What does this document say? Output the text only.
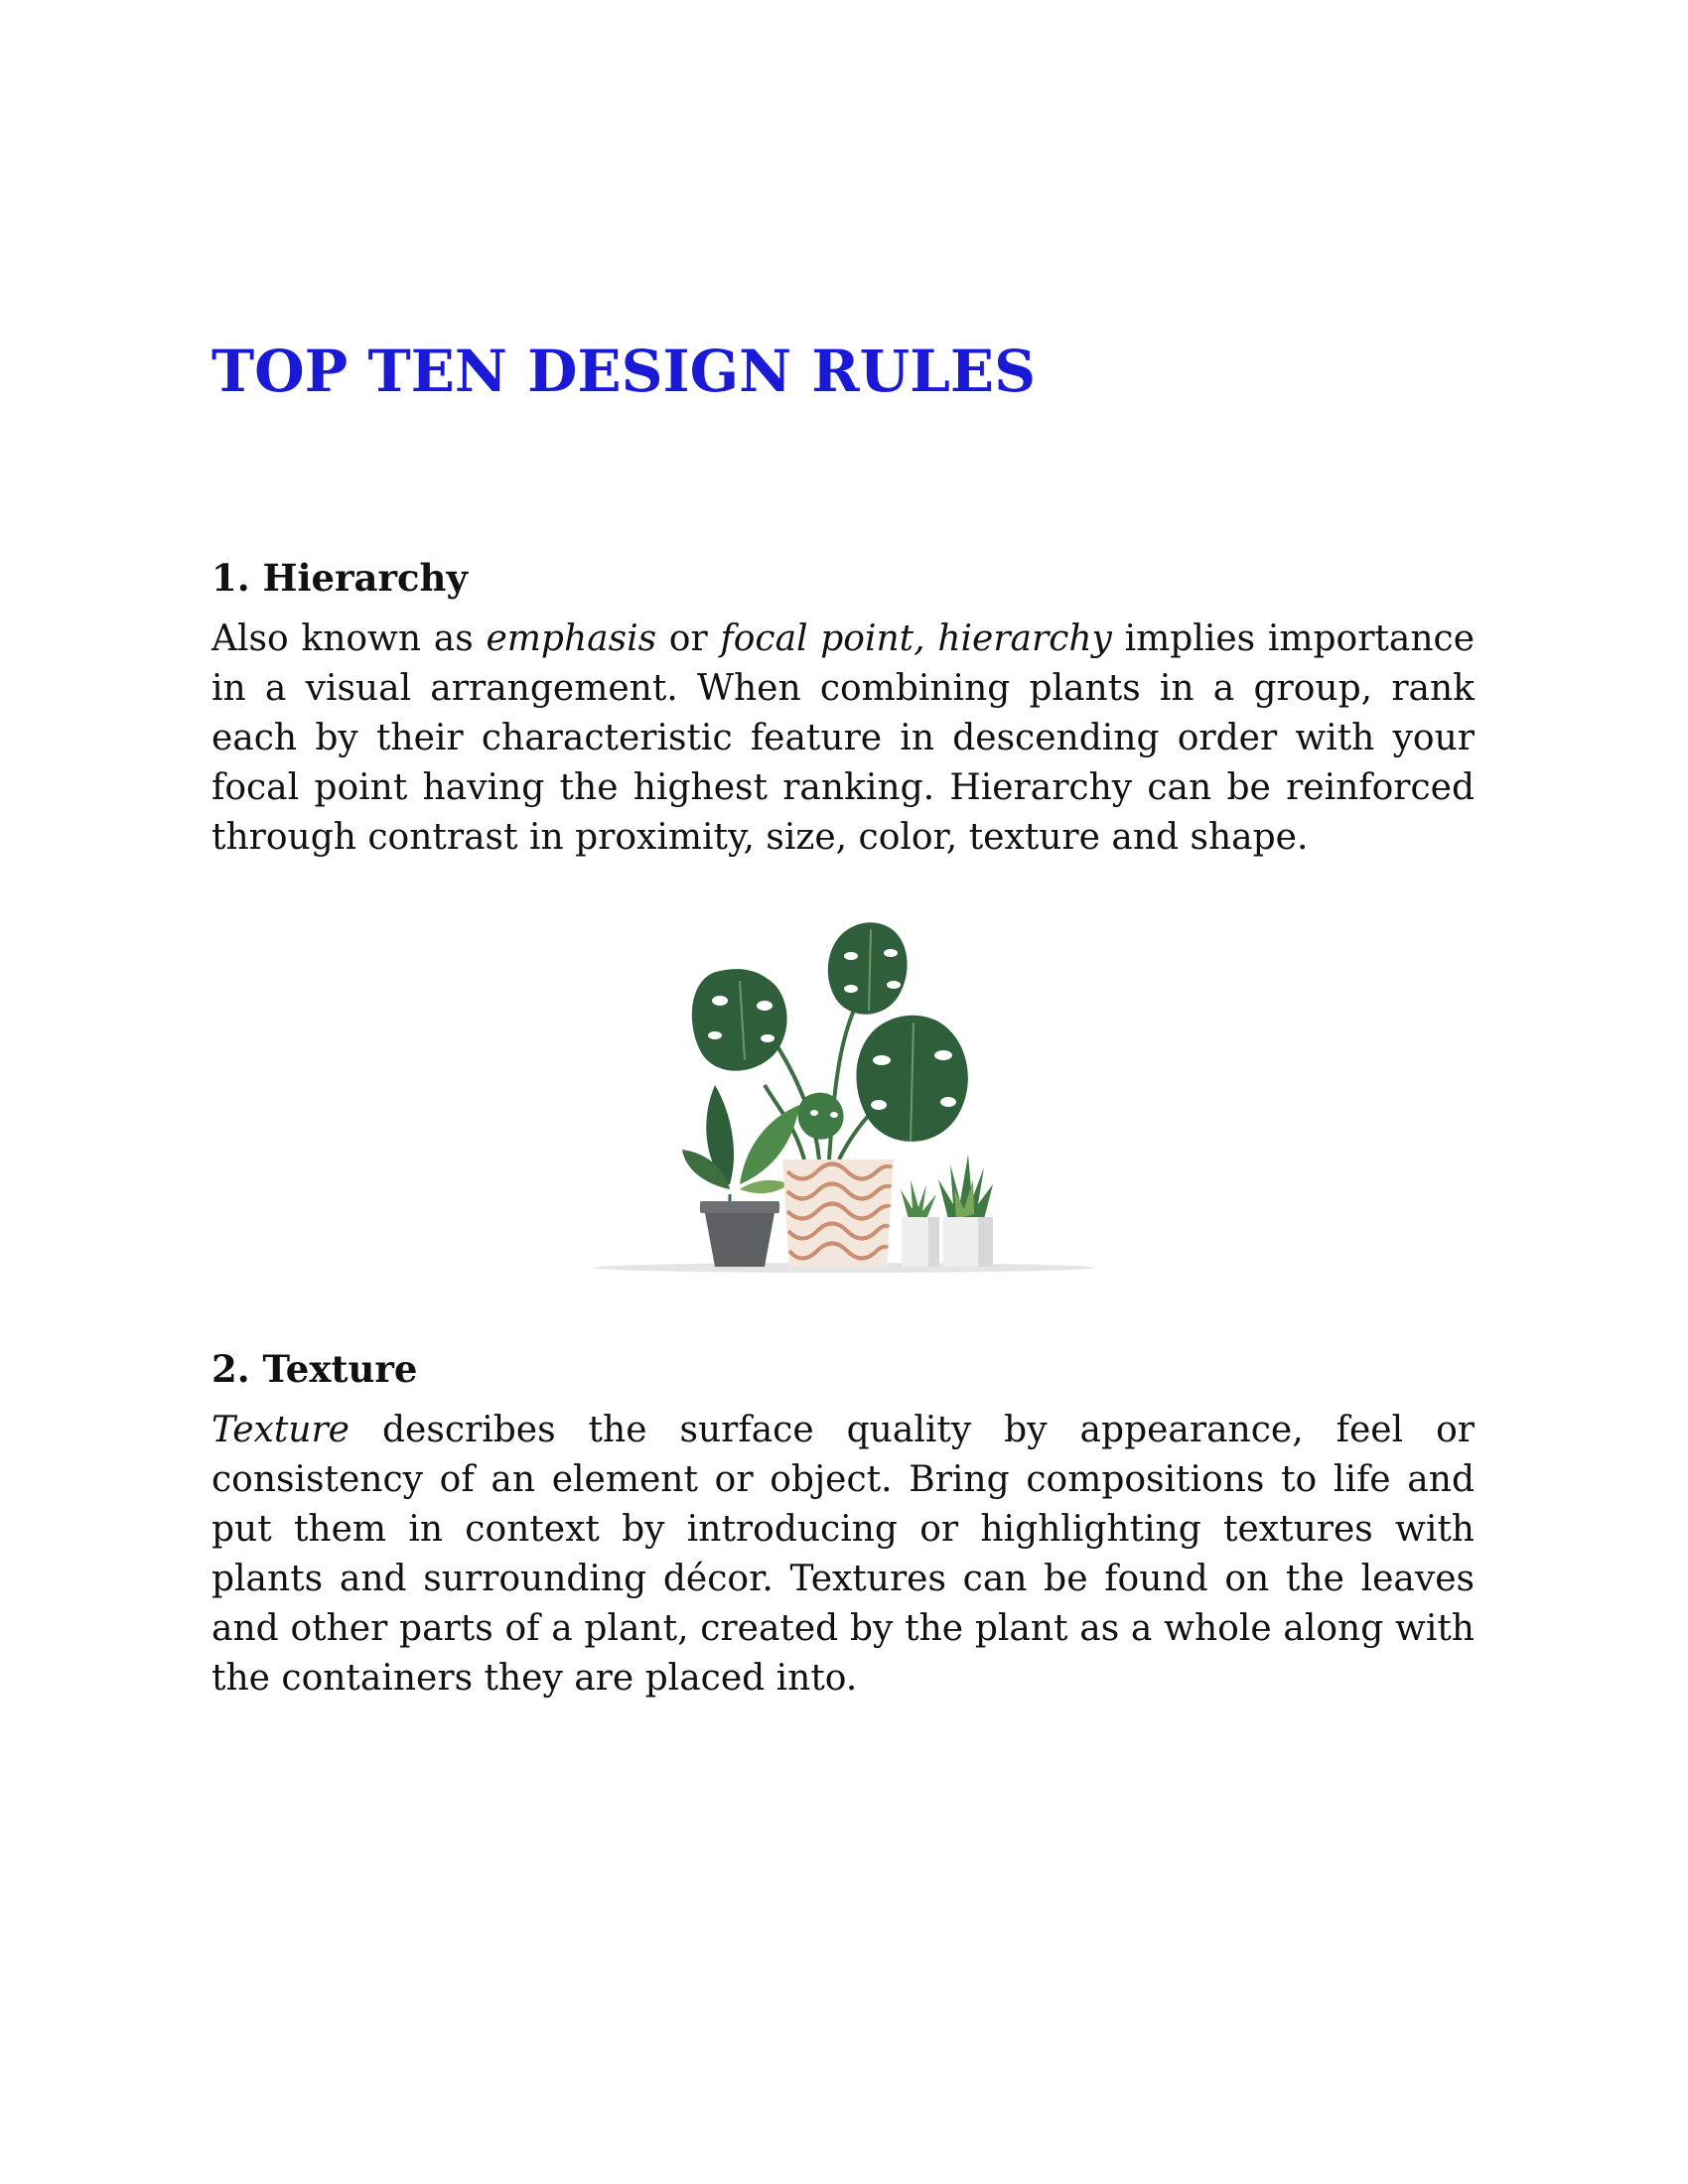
TOP TEN DESIGN RULES
1. Hierarchy

Also known as emphasis or focal point, hierarchy implies importance in a visual arrangement. When combining plants in a group, rank each by their characteristic feature in descending order with your focal point having the highest ranking. Hierarchy can be reinforced through contrast in proximity, size, color, texture and shape.

2. Texture

Texture describes the surface quality by appearance, feel or consistency of an element or object. Bring compositions to life and put them in context by introducing or highlighting textures with plants and surrounding décor. Textures can be found on the leaves and other parts of a plant, created by the plant as a whole along with the containers they are placed into.
